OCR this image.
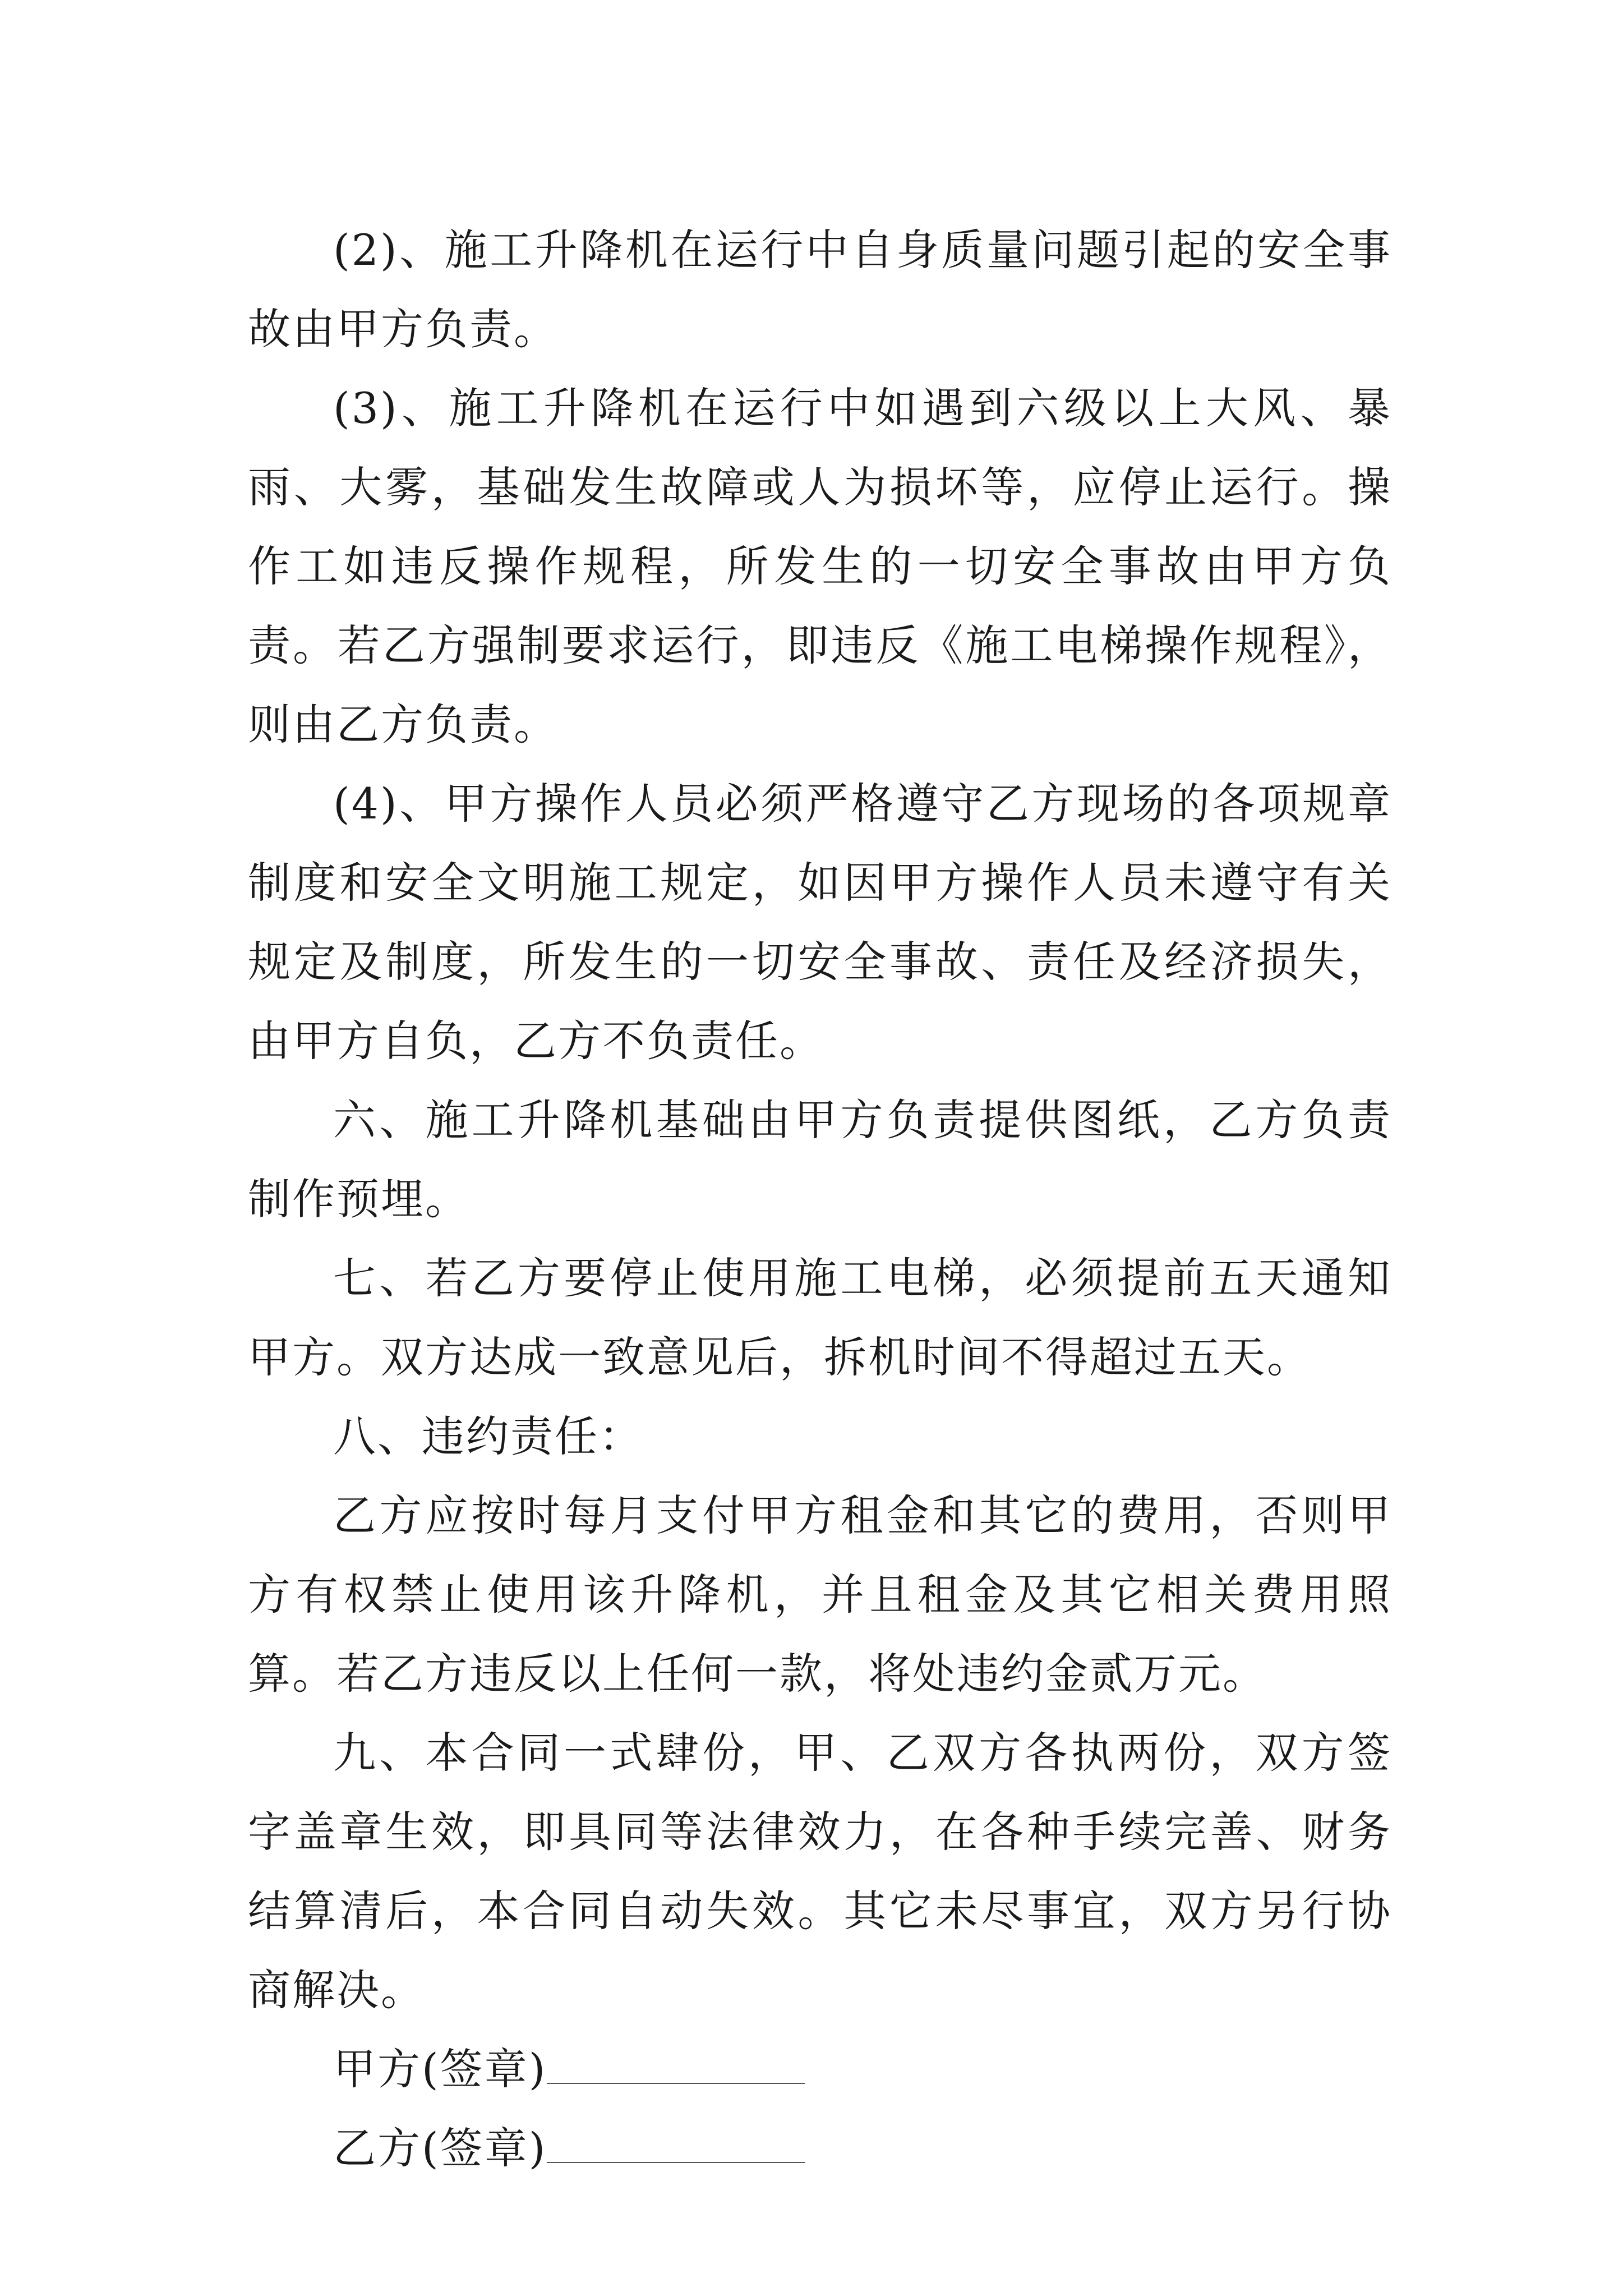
(2)、施工升降机在运行中自身质量问题引起的安全事故由甲方负责。

(3)、施工升降机在运行中如遇到六级以上大风、暴雨、大雾，基础发生故障或人为损坏等，应停止运行。操作工如违反操作规程，所发生的一切安全事故由甲方负责。若乙方强制要求运行，即违反《施工电梯操作规程》，则由乙方负责。

(4)、甲方操作人员必须严格遵守乙方现场的各项规章制度和安全文明施工规定，如因甲方操作人员未遵守有关规定及制度，所发生的一切安全事故、责任及经济损失，由甲方自负，乙方不负责任。

六、施工升降机基础由甲方负责提供图纸，乙方负责制作预埋。

七、若乙方要停止使用施工电梯，必须提前五天通知甲方。双方达成一致意见后，拆机时间不得超过五天。

八、违约责任：

乙方应按时每月支付甲方租金和其它的费用，否则甲方有权禁止使用该升降机，并且租金及其它相关费用照算。若乙方违反以上任何一款，将处违约金贰万元。

九、本合同一式肆份，甲、乙双方各执两份，双方签字盖章生效，即具同等法律效力，在各种手续完善、财务结算清后，本合同自动失效。其它未尽事宜，双方另行协商解决。

甲方(签章)

乙方(签章)
